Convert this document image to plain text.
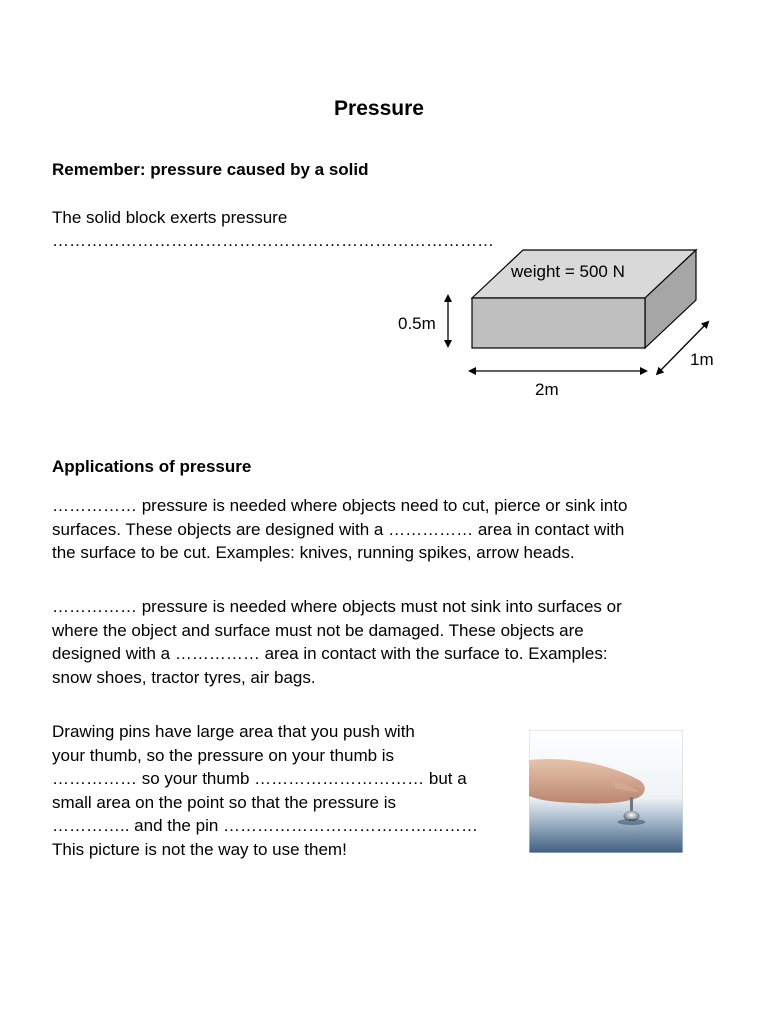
Pressure
Remember: pressure caused by a solid
The solid block exerts pressure
……………………………………………………………………
weight = 500 N
0.5m
2m
1m
Applications of pressure
…………… pressure is needed where objects need to cut, pierce or sink into
surfaces. These objects are designed with a …………… area in contact with
the surface to be cut. Examples: knives, running spikes, arrow heads.
…………… pressure is needed where objects must not sink into surfaces or
where the object and surface must not be damaged. These objects are
designed with a …………… area in contact with the surface to. Examples:
snow shoes, tractor tyres, air bags.
Drawing pins have large area that you push with
your thumb, so the pressure on your thumb is
…………… so your thumb ………………………… but a
small area on the point so that the pressure is
………….. and the pin ………………………………………
This picture is not the way to use them!
